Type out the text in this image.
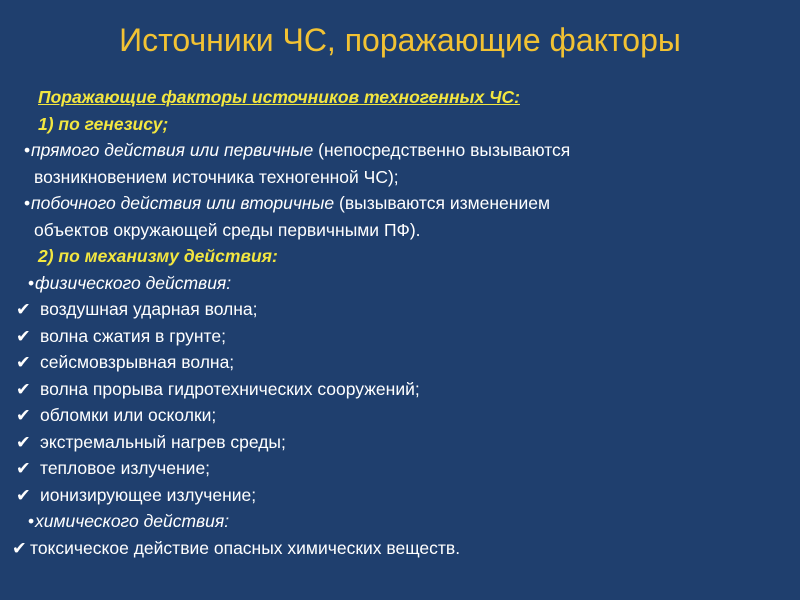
Источники ЧС, поражающие факторы
Поражающие факторы источников техногенных ЧС:
1) по генезису;
•прямого действия или первичные (непосредственно вызываются
возникновением источника техногенной ЧС);
•побочного действия или вторичные (вызываются изменением
объектов окружающей среды первичными ПФ).
2) по механизму действия:
•физического действия:
✔ воздушная ударная волна;
✔ волна сжатия в грунте;
✔ сейсмовзрывная волна;
✔ волна прорыва гидротехнических сооружений;
✔ обломки или осколки;
✔ экстремальный нагрев среды;
✔ тепловое излучение;
✔ ионизирующее излучение;
•химического действия:
✔ токсическое действие опасных химических веществ.
